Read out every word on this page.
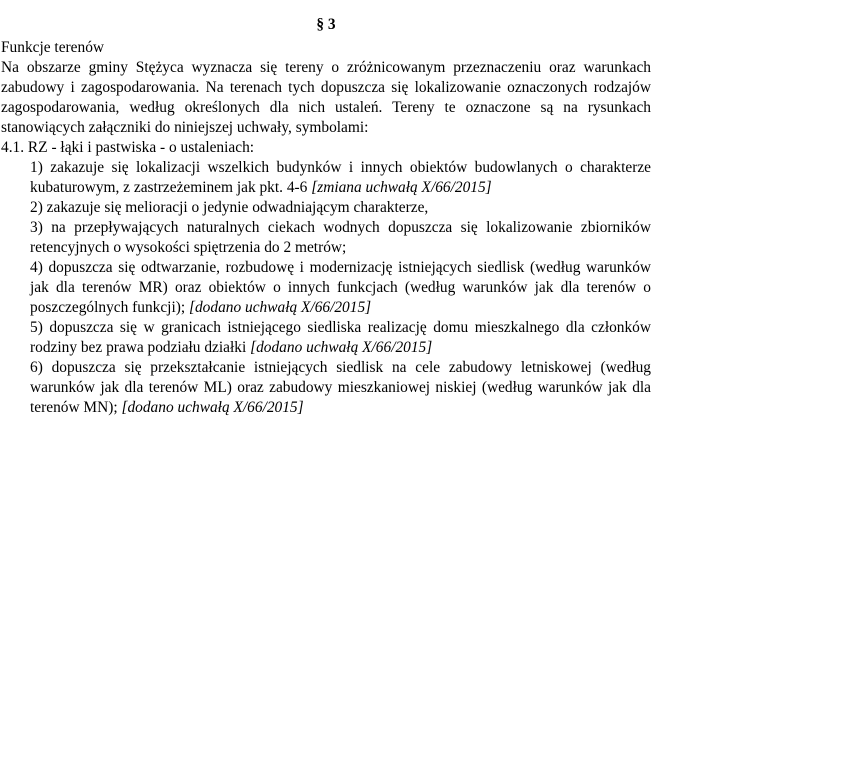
§ 3

Funkcje terenów

Na obszarze gminy Stężyca wyznacza się tereny o zróżnicowanym przeznaczeniu oraz warunkach zabudowy i zagospodarowania. Na terenach tych dopuszcza się lokalizowanie oznaczonych rodzajów zagospodarowania, według określonych dla nich ustaleń. Tereny te oznaczone są na rysunkach stanowiących załączniki do niniejszej uchwały, symbolami:

4.1. RZ - łąki i pastwiska - o ustaleniach:

1) zakazuje się lokalizacji wszelkich budynków i innych obiektów budowlanych o charakterze kubaturowym, z zastrzeżeminem jak pkt. 4-6 [zmiana uchwałą X/66/2015]

2) zakazuje się melioracji o jedynie odwadniającym charakterze,

3) na przepływających naturalnych ciekach wodnych dopuszcza się lokalizowanie zbiorników retencyjnych o wysokości spiętrzenia do 2 metrów;

4) dopuszcza się odtwarzanie, rozbudowę i modernizację istniejących siedlisk (według warunków jak dla terenów MR) oraz obiektów o innych funkcjach (według warunków jak dla terenów o poszczególnych funkcji); [dodano uchwałą X/66/2015]

5) dopuszcza się w granicach istniejącego siedliska realizację domu mieszkalnego dla członków rodziny bez prawa podziału działki [dodano uchwałą X/66/2015]

6) dopuszcza się przekształcanie istniejących siedlisk na cele zabudowy letniskowej (według warunków jak dla terenów ML) oraz zabudowy mieszkaniowej niskiej (według warunków jak dla terenów MN); [dodano uchwałą X/66/2015]
